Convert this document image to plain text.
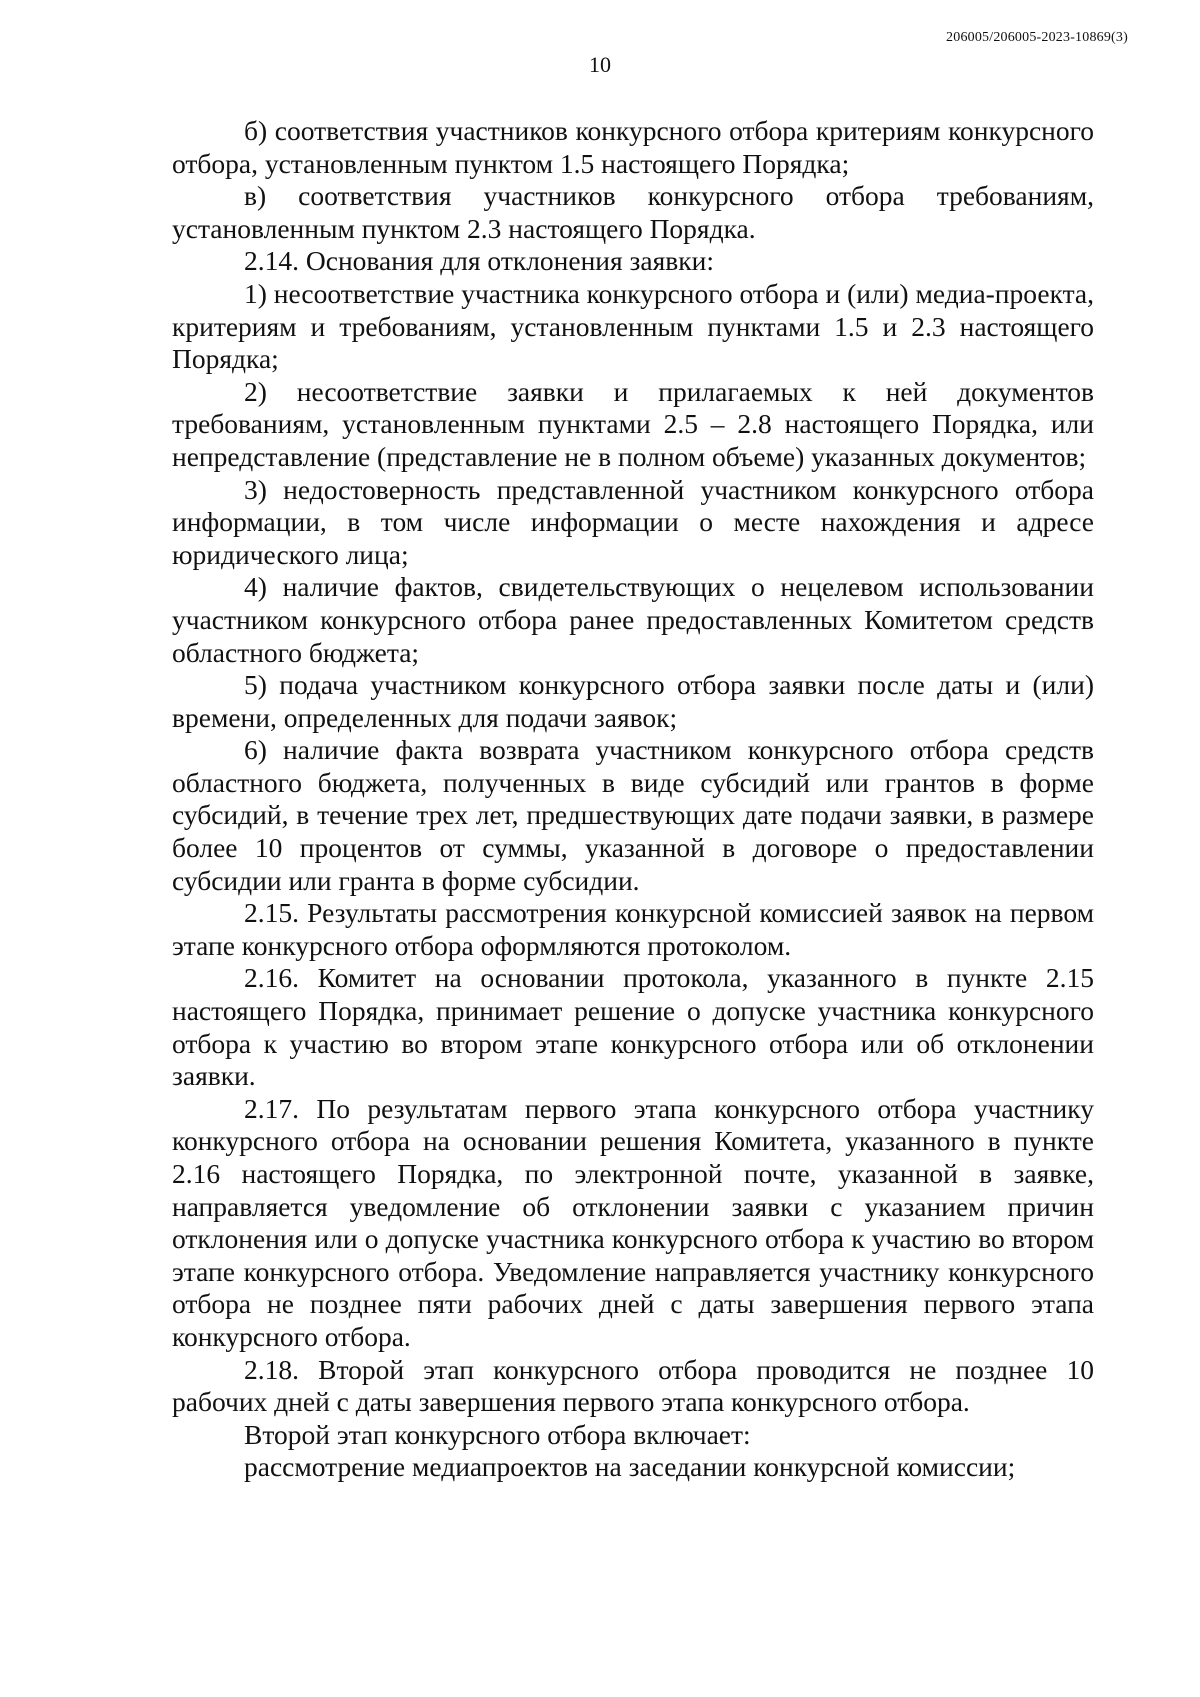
206005/206005-2023-10869(3)
10

б) соответствия участников конкурсного отбора критериям конкурсного отбора, установленным пунктом 1.5 настоящего Порядка;

в) соответствия участников конкурсного отбора требованиям, установленным пунктом 2.3 настоящего Порядка.

2.14. Основания для отклонения заявки:

1) несоответствие участника конкурсного отбора и (или) медиа-проекта, критериям и требованиям, установленным пунктами 1.5 и 2.3 настоящего Порядка;

2) несоответствие заявки и прилагаемых к ней документов требованиям, установленным пунктами 2.5 – 2.8 настоящего Порядка, или непредставление (представление не в полном объеме) указанных документов;

3) недостоверность представленной участником конкурсного отбора информации, в том числе информации о месте нахождения и адресе юридического лица;

4) наличие фактов, свидетельствующих о нецелевом использовании участником конкурсного отбора ранее предоставленных Комитетом средств областного бюджета;

5) подача участником конкурсного отбора заявки после даты и (или) времени, определенных для подачи заявок;

6) наличие факта возврата участником конкурсного отбора средств областного бюджета, полученных в виде субсидий или грантов в форме субсидий, в течение трех лет, предшествующих дате подачи заявки, в размере более 10 процентов от суммы, указанной в договоре о предоставлении субсидии или гранта в форме субсидии.

2.15. Результаты рассмотрения конкурсной комиссией заявок на первом этапе конкурсного отбора оформляются протоколом.

2.16. Комитет на основании протокола, указанного в пункте 2.15 настоящего Порядка, принимает решение о допуске участника конкурсного отбора к участию во втором этапе конкурсного отбора или об отклонении заявки.

2.17. По результатам первого этапа конкурсного отбора участнику конкурсного отбора на основании решения Комитета, указанного в пункте 2.16 настоящего Порядка, по электронной почте, указанной в заявке, направляется уведомление об отклонении заявки с указанием причин отклонения или о допуске участника конкурсного отбора к участию во втором этапе конкурсного отбора. Уведомление направляется участнику конкурсного отбора не позднее пяти рабочих дней с даты завершения первого этапа конкурсного отбора.

2.18. Второй этап конкурсного отбора проводится не позднее 10 рабочих дней с даты завершения первого этапа конкурсного отбора.

Второй этап конкурсного отбора включает:

рассмотрение медиапроектов на заседании конкурсной комиссии;
